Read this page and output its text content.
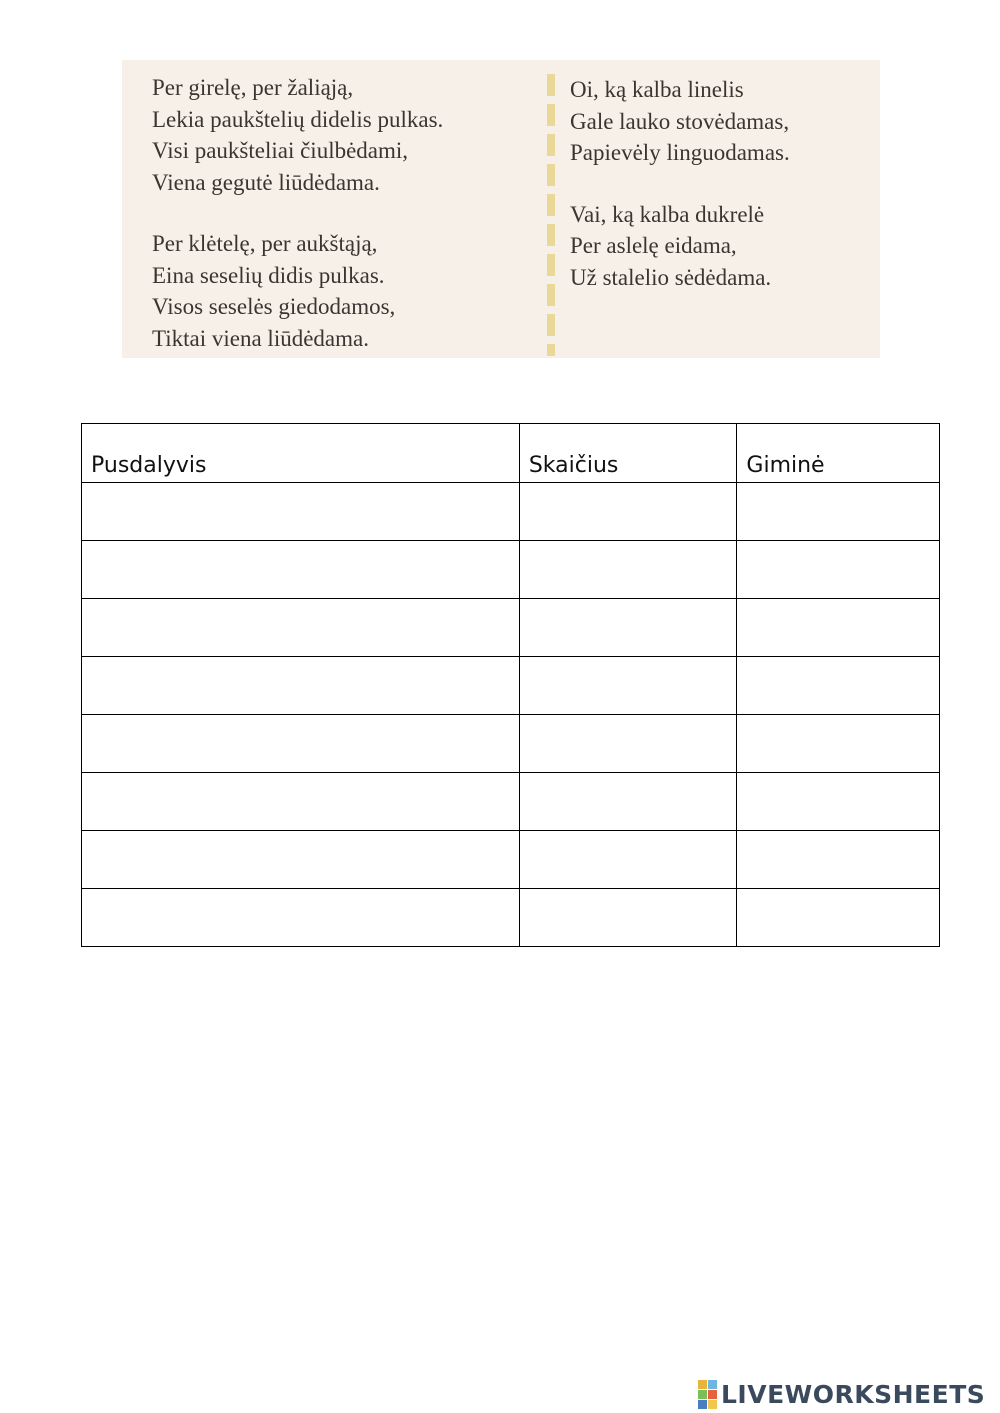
Per girelę, per žaliąją,
Lekia paukštelių didelis pulkas.
Visi paukšteliai čiulbėdami,
Viena gegutė liūdėdama.
Per klėtelę, per aukštąją,
Eina seselių didis pulkas.
Visos seselės giedodamos,
Tiktai viena liūdėdama.
Oi, ką kalba linelis
Gale lauko stovėdamas,
Papievėly linguodamas.
Vai, ką kalba dukrelė
Per aslelę eidama,
Už stalelio sėdėdama.
Pusdalyvis	Skaičius	Giminė

LIVEWORKSHEETS
